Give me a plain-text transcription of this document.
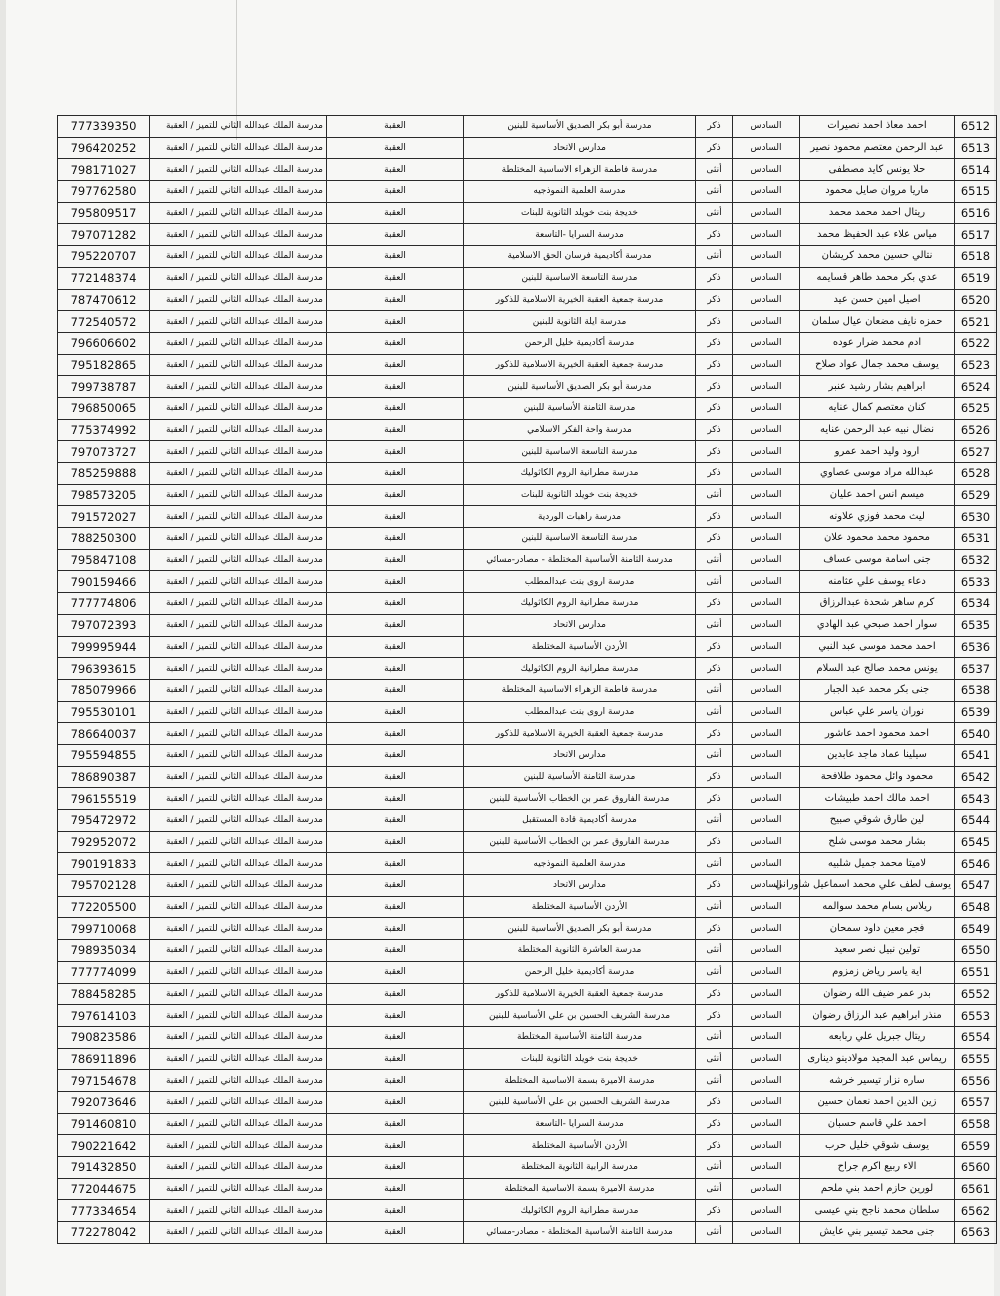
777339350	مدرسة الملك عبدالله الثاني للتميز / العقبة	العقبة	مدرسة أبو بكر الصديق الأساسية للبنين	ذكر	السادس	احمد معاذ احمد نصيرات	6512
796420252	مدرسة الملك عبدالله الثاني للتميز / العقبة	العقبة	مدارس الاتحاد	ذكر	السادس	عبد الرحمن معتصم محمود نصير	6513
798171027	مدرسة الملك عبدالله الثاني للتميز / العقبة	العقبة	مدرسة فاطمة الزهراء الاساسية المختلطة	أنثى	السادس	حلا يونس كايد مصطفى	6514
797762580	مدرسة الملك عبدالله الثاني للتميز / العقبة	العقبة	مدرسة العلمية النموذجيه	أنثى	السادس	ماريا مروان صايل محمود	6515
795809517	مدرسة الملك عبدالله الثاني للتميز / العقبة	العقبة	خديجة بنت خويلد الثانوية للبنات	أنثى	السادس	ريتال احمد محمد محمد	6516
797071282	مدرسة الملك عبدالله الثاني للتميز / العقبة	العقبة	مدرسة السرايا -التاسعة	ذكر	السادس	مياس علاء عبد الحفيظ محمد	6517
795220707	مدرسة الملك عبدالله الثاني للتميز / العقبة	العقبة	مدرسة أكاديمية فرسان الحق الاسلامية	أنثى	السادس	نتالي حسين محمد كريشان	6518
772148374	مدرسة الملك عبدالله الثاني للتميز / العقبة	العقبة	مدرسة التاسعة الاساسية للبنين	ذكر	السادس	عدي بكر محمد طاهر قسايمه	6519
787470612	مدرسة الملك عبدالله الثاني للتميز / العقبة	العقبة	مدرسة جمعية العقبة الخيرية الاسلامية للذكور	ذكر	السادس	اصيل امين حسن عيد	6520
772540572	مدرسة الملك عبدالله الثاني للتميز / العقبة	العقبة	مدرسة ايلة الثانوية للبنين	ذكر	السادس	حمزه نايف مضعان عيال سلمان	6521
796606602	مدرسة الملك عبدالله الثاني للتميز / العقبة	العقبة	مدرسة أكاديمية خليل الرحمن	ذكر	السادس	ادم محمد ضرار عوده	6522
795182865	مدرسة الملك عبدالله الثاني للتميز / العقبة	العقبة	مدرسة جمعية العقبة الخيرية الاسلامية للذكور	ذكر	السادس	يوسف محمد جمال عواد صلاح	6523
799738787	مدرسة الملك عبدالله الثاني للتميز / العقبة	العقبة	مدرسة أبو بكر الصديق الأساسية للبنين	ذكر	السادس	ابراهيم بشار رشيد عنبر	6524
796850065	مدرسة الملك عبدالله الثاني للتميز / العقبة	العقبة	مدرسة الثامنة الأساسية للبنين	ذكر	السادس	كنان معتصم كمال عنايه	6525
775374992	مدرسة الملك عبدالله الثاني للتميز / العقبة	العقبة	مدرسة واحة الفكر الاسلامي	ذكر	السادس	نضال نبيه عبد الرحمن عنايه	6526
797073727	مدرسة الملك عبدالله الثاني للتميز / العقبة	العقبة	مدرسة التاسعة الاساسية للبنين	ذكر	السادس	ارود وليد احمد عمرو	6527
785259888	مدرسة الملك عبدالله الثاني للتميز / العقبة	العقبة	مدرسة مطرانية الروم الكاثوليك	ذكر	السادس	عبدالله مراد موسى عصاوي	6528
798573205	مدرسة الملك عبدالله الثاني للتميز / العقبة	العقبة	خديجة بنت خويلد الثانوية للبنات	أنثى	السادس	ميسم انس احمد عليان	6529
791572027	مدرسة الملك عبدالله الثاني للتميز / العقبة	العقبة	مدرسة راهبات الوردية	ذكر	السادس	ليث محمد فوزي علاونه	6530
788250300	مدرسة الملك عبدالله الثاني للتميز / العقبة	العقبة	مدرسة التاسعة الاساسية للبنين	ذكر	السادس	محمود محمد محمود علان	6531
795847108	مدرسة الملك عبدالله الثاني للتميز / العقبة	العقبة	مدرسة الثامنة الأساسية المختلطة - مصادر-مسائي	أنثى	السادس	جنى اسامة موسى عساف	6532
790159466	مدرسة الملك عبدالله الثاني للتميز / العقبة	العقبة	مدرسة اروى بنت عبدالمطلب	أنثى	السادس	دعاء يوسف علي عثامنه	6533
777774806	مدرسة الملك عبدالله الثاني للتميز / العقبة	العقبة	مدرسة مطرانية الروم الكاثوليك	ذكر	السادس	كرم ساهر شحدة عبدالرزاق	6534
797072393	مدرسة الملك عبدالله الثاني للتميز / العقبة	العقبة	مدارس الاتحاد	أنثى	السادس	سوار احمد صبحي عبد الهادي	6535
799995944	مدرسة الملك عبدالله الثاني للتميز / العقبة	العقبة	الأردن الأساسية المختلطة	ذكر	السادس	احمد محمد موسى عبد النبي	6536
796393615	مدرسة الملك عبدالله الثاني للتميز / العقبة	العقبة	مدرسة مطرانية الروم الكاثوليك	ذكر	السادس	يونس محمد صالح عبد السلام	6537
785079966	مدرسة الملك عبدالله الثاني للتميز / العقبة	العقبة	مدرسة فاطمة الزهراء الاساسية المختلطة	أنثى	السادس	جنى بكر محمد عبد الجبار	6538
795530101	مدرسة الملك عبدالله الثاني للتميز / العقبة	العقبة	مدرسة اروى بنت عبدالمطلب	أنثى	السادس	نوران ياسر علي عباس	6539
786640037	مدرسة الملك عبدالله الثاني للتميز / العقبة	العقبة	مدرسة جمعية العقبة الخيرية الاسلامية للذكور	ذكر	السادس	احمد محمود احمد عاشور	6540
795594855	مدرسة الملك عبدالله الثاني للتميز / العقبة	العقبة	مدارس الاتحاد	أنثى	السادس	سيلينا عماد ماجد عابدين	6541
786890387	مدرسة الملك عبدالله الثاني للتميز / العقبة	العقبة	مدرسة الثامنة الأساسية للبنين	ذكر	السادس	محمود وائل محمود طلافحة	6542
796155519	مدرسة الملك عبدالله الثاني للتميز / العقبة	العقبة	مدرسة الفاروق عمر بن الخطاب الأساسية للبنين	ذكر	السادس	احمد مالك احمد طبيشات	6543
795472972	مدرسة الملك عبدالله الثاني للتميز / العقبة	العقبة	مدرسة أكاديمية قادة المستقبل	أنثى	السادس	لين طارق شوقي صبيح	6544
792952072	مدرسة الملك عبدالله الثاني للتميز / العقبة	العقبة	مدرسة الفاروق عمر بن الخطاب الأساسية للبنين	ذكر	السادس	بشار محمد موسى شلح	6545
790191833	مدرسة الملك عبدالله الثاني للتميز / العقبة	العقبة	مدرسة العلمية النموذجيه	أنثى	السادس	لاميتا محمد جميل شلبيه	6546
795702128	مدرسة الملك عبدالله الثاني للتميز / العقبة	العقبة	مدارس الاتحاد	ذكر	السادس	يوسف لطف علي محمد اسماعيل شاوراني	6547
772205500	مدرسة الملك عبدالله الثاني للتميز / العقبة	العقبة	الأردن الأساسية المختلطة	أنثى	السادس	ريلاس بسام محمد سوالمه	6548
799710068	مدرسة الملك عبدالله الثاني للتميز / العقبة	العقبة	مدرسة أبو بكر الصديق الأساسية للبنين	ذكر	السادس	فجر معين داود سمحان	6549
798935034	مدرسة الملك عبدالله الثاني للتميز / العقبة	العقبة	مدرسة العاشرة الثانوية المختلطة	أنثى	السادس	تولين نبيل نصر سعيد	6550
777774099	مدرسة الملك عبدالله الثاني للتميز / العقبة	العقبة	مدرسة أكاديمية خليل الرحمن	أنثى	السادس	اية ياسر رياض زمزوم	6551
788458285	مدرسة الملك عبدالله الثاني للتميز / العقبة	العقبة	مدرسة جمعية العقبة الخيرية الاسلامية للذكور	ذكر	السادس	بدر عمر ضيف الله رضوان	6552
797614103	مدرسة الملك عبدالله الثاني للتميز / العقبة	العقبة	مدرسة الشريف الحسين بن علي الأساسية للبنين	ذكر	السادس	منذر ابراهيم عبد الرزاق رضوان	6553
790823586	مدرسة الملك عبدالله الثاني للتميز / العقبة	العقبة	مدرسة الثامنة الأساسية المختلطة	أنثى	السادس	ريتال جبريل علي ربابعه	6554
786911896	مدرسة الملك عبدالله الثاني للتميز / العقبة	العقبة	خديجة بنت خويلد الثانوية للبنات	أنثى	السادس	ريماس عبد المجيد مولادينو دينارى	6555
797154678	مدرسة الملك عبدالله الثاني للتميز / العقبة	العقبة	مدرسة الاميرة بسمة الاساسية المختلطة	أنثى	السادس	ساره نزار تيسير خرشه	6556
792073646	مدرسة الملك عبدالله الثاني للتميز / العقبة	العقبة	مدرسة الشريف الحسين بن علي الأساسية للبنين	ذكر	السادس	زين الدين احمد نعمان حسين	6557
791460810	مدرسة الملك عبدالله الثاني للتميز / العقبة	العقبة	مدرسة السرايا -التاسعة	ذكر	السادس	احمد علي قاسم حسبان	6558
790221642	مدرسة الملك عبدالله الثاني للتميز / العقبة	العقبة	الأردن الأساسية المختلطة	ذكر	السادس	يوسف شوقي خليل حرب	6559
791432850	مدرسة الملك عبدالله الثاني للتميز / العقبة	العقبة	مدرسة الرابية الثانوية المختلطة	أنثى	السادس	الاء ربيع اكرم جراح	6560
772044675	مدرسة الملك عبدالله الثاني للتميز / العقبة	العقبة	مدرسة الاميرة بسمة الاساسية المختلطة	أنثى	السادس	لورين حازم احمد بني ملحم	6561
777334654	مدرسة الملك عبدالله الثاني للتميز / العقبة	العقبة	مدرسة مطرانية الروم الكاثوليك	ذكر	السادس	سلطان محمد ناجح بني عيسى	6562
772278042	مدرسة الملك عبدالله الثاني للتميز / العقبة	العقبة	مدرسة الثامنة الأساسية المختلطة - مصادر-مسائي	أنثى	السادس	جنى محمد تيسير بني عايش	6563
